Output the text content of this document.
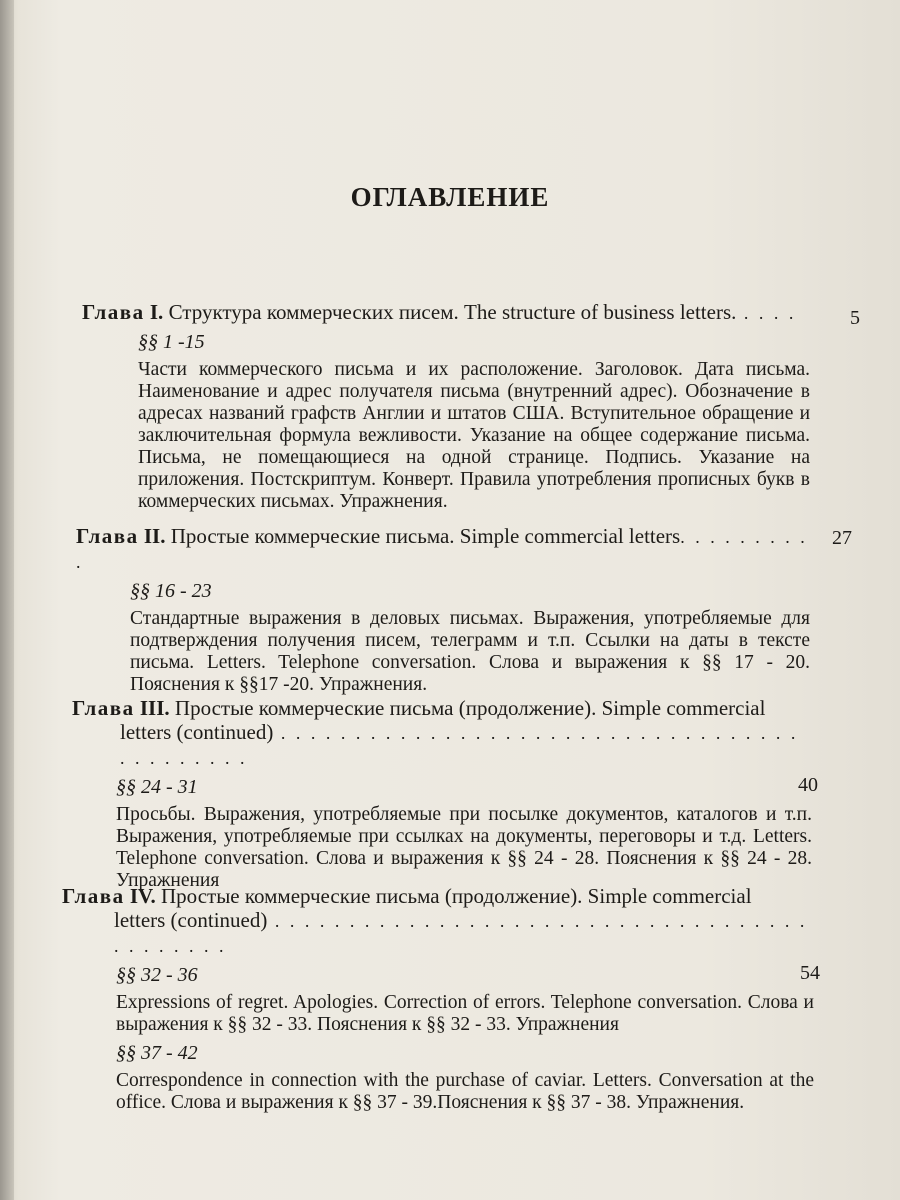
ОГЛАВЛЕНИЕ
Глава I. Структура коммерческих писем. The structure of business letters. . . . .	5
§§ 1 -15
Части коммерческого письма и их расположение. Заголовок. Дата письма. Наименование и адрес получателя письма (внутренний адрес). Обозначение в адресах названий графств Англии и штатов США. Вступительное обращение и заключительная формула вежливости. Указание на общее содержание письма. Письма, не помещающиеся на одной странице. Подпись. Указание на приложения. Постскриптум. Конверт. Правила употребления прописных букв в коммерческих письмах. Упражнения.
Глава II. Простые коммерческие письма. Simple commercial letters. . . . . . . . . .
27
§§ 16 - 23
Стандартные выражения в деловых письмах. Выражения, употребляемые для подтверждения получения писем, телеграмм и т.п. Ссылки на даты в тексте письма. Letters. Telephone conversation. Слова и выражения к §§ 17 - 20. Пояснения к §§17 -20. Упражнения.
Глава III. Простые коммерческие письма (продолжение). Simple commercial
letters (continued) . . . . . . . . . . . . . . . . . . . . . . . . . . . . . . . . . . . . . . . . . . . .
40
§§ 24 - 31
Просьбы. Выражения, употребляемые при посылке документов, каталогов и т.п. Выражения, употребляемые при ссылках на документы, переговоры и т.д. Letters. Telephone conversation. Слова и выражения к §§ 24 - 28. Пояснения к §§ 24 - 28. Упражнения
Глава IV. Простые коммерческие письма (продолжение). Simple commercial
letters (continued) . . . . . . . . . . . . . . . . . . . . . . . . . . . . . . . . . . . . . . . . . . . .
54
§§ 32 - 36
Expressions of regret. Apologies. Correction of errors. Telephone conversation. Слова и выражения к §§ 32 - 33. Пояснения к §§ 32 - 33. Упражнения
§§ 37 - 42
Correspondence in connection with the purchase of caviar. Letters. Conversation at the office. Слова и выражения к §§ 37 - 39.Пояснения к §§ 37 - 38. Упражнения.
